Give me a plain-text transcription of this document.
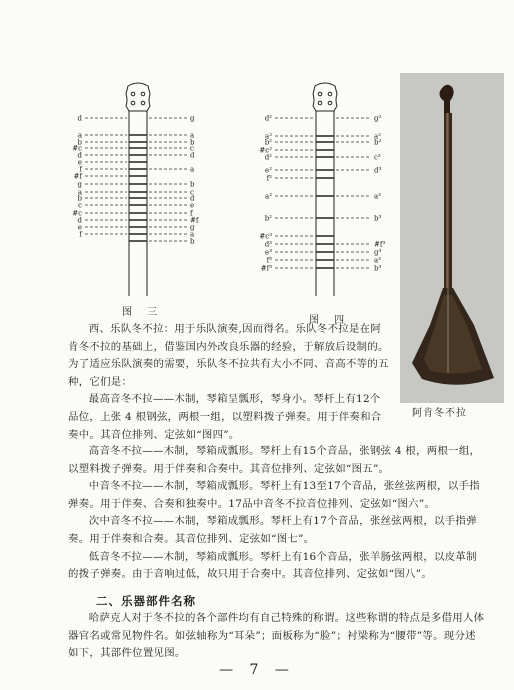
d
a
b
#c
d
e
f
#f
g
a
b
c
#c
d
e
f
g
a
b
c
d
a
b
c
d
e
f
#f
g
a
b
图 三
d²
a²
b²
#c²
d²
e²
f²
a²
b²
#c³
d³
e³
f³
#f³
g²
a²
b²
c³
d³
a³
b³
#f³
g³
a³
b³
图 四
阿肯冬不拉

西、乐队冬不拉：用于乐队演奏,因而得名。乐队冬不拉是在阿肯冬不拉的基础上，借鉴国内外改良乐器的经验，于解放后设制的。为了适应乐队演奏的需要，乐队冬不拉共有大小不同、音高不等的五种，它们是：

最高音冬不拉——木制，琴箱呈瓢形，琴身小。琴杆上有12个品位，上张 4 根钢弦，两根一组，以塑料拨子弹奏。用于伴奏和合奏中。其音位排列、定弦如“图四”。

高音冬不拉——木制，琴箱成瓢形。琴杆上有15个音品，张钢弦 4 根，两根一组，以塑料拨子弹奏。用于伴奏和合奏中。其音位排列、定弦如“图五”。

中音冬不拉——木制，琴箱成瓢形。琴杆上有13至17个音品，张丝弦两根，以手指弹奏。用于伴奏、合奏和独奏中。17品中音冬不拉音位排列、定弦如“图六”。

次中音冬不拉——木制，琴箱成瓢形。琴杆上有17个音品，张丝弦两根，以手指弹奏。用于伴奏和合奏。其音位排列、定弦如“图七”。

低音冬不拉——木制，琴箱成瓢形。琴杆上有16个音品，张羊肠弦两根，以皮革制的拨子弹奏。由于音响过低，故只用于合奏中。其音位排列、定弦如“图八”。

二、乐器部件名称

哈萨克人对于冬不拉的各个部件均有自己特殊的称谓。这些称谓的特点是多借用人体器官名或常见物件名。如弦轴称为“耳朵”；面板称为“脸”；衬梁称为“腰带”等。现分述如下，其部件位置见图。

— 7 —
